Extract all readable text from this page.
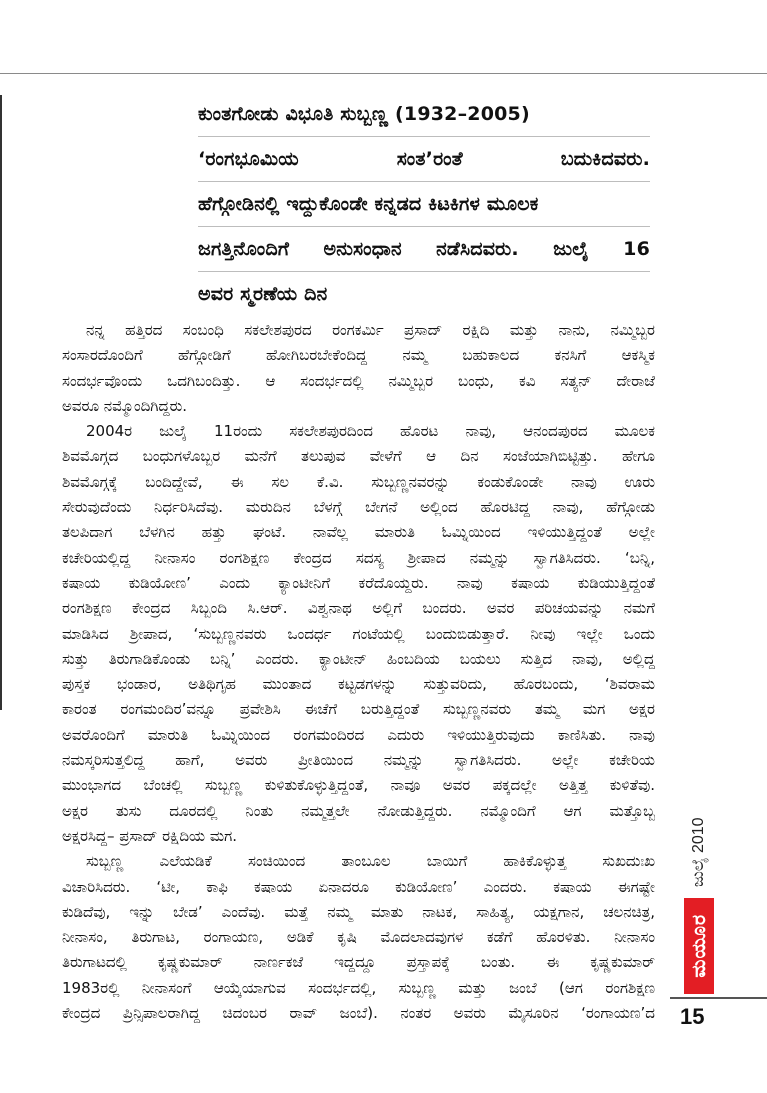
ಕುಂತಗೋಡು ವಿಭೂತಿ ಸುಬ್ಬಣ್ಣ (1932–2005)
‘ರಂಗಭೂಮಿಯ ಸಂತ’ರಂತೆ ಬದುಕಿದವರು.
ಹೆಗ್ಗೋಡಿನಲ್ಲಿ ಇದ್ದುಕೊಂಡೇ ಕನ್ನಡದ ಕಿಟಕಿಗಳ ಮೂಲಕ
ಜಗತ್ತಿನೊಂದಿಗೆ ಅನುಸಂಧಾನ ನಡೆಸಿದವರು. ಜುಲೈ 16
ಅವರ ಸ್ಮರಣೆಯ ದಿನ
ನನ್ನ ಹತ್ತಿರದ ಸಂಬಂಧಿ ಸಕಲೇಶಪುರದ ರಂಗಕರ್ಮಿ ಪ್ರಸಾದ್ ರಕ್ಷಿದಿ ಮತ್ತು ನಾನು, ನಮ್ಮಿಬ್ಬರ
ಸಂಸಾರದೊಂದಿಗೆ ಹೆಗ್ಗೋಡಿಗೆ ಹೋಗಿಬರಬೇಕೆಂದಿದ್ದ ನಮ್ಮ ಬಹುಕಾಲದ ಕನಸಿಗೆ ಆಕಸ್ಮಿಕ
ಸಂದರ್ಭವೊಂದು ಒದಗಿಬಂದಿತ್ತು. ಆ ಸಂದರ್ಭದಲ್ಲಿ ನಮ್ಮಿಬ್ಬರ ಬಂಧು, ಕವಿ ಸತ್ಯನ್ ದೇರಾಜೆ
ಅವರೂ ನಮ್ಮೊಂದಿಗಿದ್ದರು.
2004ರ ಜುಲೈ 11ರಂದು ಸಕಲೇಶಪುರದಿಂದ ಹೊರಟ ನಾವು, ಆನಂದಪುರದ ಮೂಲಕ
ಶಿವಮೊಗ್ಗದ ಬಂಧುಗಳೊಬ್ಬರ ಮನೆಗೆ ತಲುಪುವ ವೇಳೆಗೆ ಆ ದಿನ ಸಂಜೆಯಾಗಿಬಿಟ್ಟಿತ್ತು. ಹೇಗೂ
ಶಿವಮೊಗ್ಗಕ್ಕೆ ಬಂದಿದ್ದೇವೆ, ಈ ಸಲ ಕೆ.ವಿ. ಸುಬ್ಬಣ್ಣನವರನ್ನು ಕಂಡುಕೊಂಡೇ ನಾವು ಊರು
ಸೇರುವುದೆಂದು ನಿರ್ಧರಿಸಿದೆವು. ಮರುದಿನ ಬೆಳಗ್ಗೆ ಬೇಗನೆ ಅಲ್ಲಿಂದ ಹೊರಟಿದ್ದ ನಾವು, ಹೆಗ್ಗೋಡು
ತಲಪಿದಾಗ ಬೆಳಗಿನ ಹತ್ತು ಘಂಟೆ. ನಾವೆಲ್ಲ ಮಾರುತಿ ಓಮ್ನಿಯಿಂದ ಇಳಿಯುತ್ತಿದ್ದಂತೆ ಅಲ್ಲೇ
ಕಚೇರಿಯಲ್ಲಿದ್ದ ನೀನಾಸಂ ರಂಗಶಿಕ್ಷಣ ಕೇಂದ್ರದ ಸದಸ್ಯ ಶ್ರೀಪಾದ ನಮ್ಮನ್ನು ಸ್ವಾಗತಿಸಿದರು. ‘ಬನ್ನಿ,
ಕಷಾಯ ಕುಡಿಯೋಣ’ ಎಂದು ಕ್ಯಾಂಟೀನಿಗೆ ಕರೆದೊಯ್ದರು. ನಾವು ಕಷಾಯ ಕುಡಿಯುತ್ತಿದ್ದಂತೆ
ರಂಗಶಿಕ್ಷಣ ಕೇಂದ್ರದ ಸಿಬ್ಬಂದಿ ಸಿ.ಆರ್. ವಿಶ್ವನಾಥ ಅಲ್ಲಿಗೆ ಬಂದರು. ಅವರ ಪರಿಚಯವನ್ನು ನಮಗೆ
ಮಾಡಿಸಿದ ಶ್ರೀಪಾದ, ‘ಸುಬ್ಬಣ್ಣನವರು ಒಂದರ್ಧ ಗಂಟೆಯಲ್ಲಿ ಬಂದುಬಿಡುತ್ತಾರೆ. ನೀವು ಇಲ್ಲೇ ಒಂದು
ಸುತ್ತು ತಿರುಗಾಡಿಕೊಂಡು ಬನ್ನಿ’ ಎಂದರು. ಕ್ಯಾಂಟೀನ್ ಹಿಂಬದಿಯ ಬಯಲು ಸುತ್ತಿದ ನಾವು, ಅಲ್ಲಿದ್ದ
ಪುಸ್ತಕ ಭಂಡಾರ, ಅತಿಥಿಗೃಹ ಮುಂತಾದ ಕಟ್ಟಡಗಳನ್ನು ಸುತ್ತುವರಿದು, ಹೊರಬಂದು, ‘ಶಿವರಾಮ
ಕಾರಂತ ರಂಗಮಂದಿರ’ವನ್ನೂ ಪ್ರವೇಶಿಸಿ ಈಚೆಗೆ ಬರುತ್ತಿದ್ದಂತೆ ಸುಬ್ಬಣ್ಣನವರು ತಮ್ಮ ಮಗ ಅಕ್ಷರ
ಅವರೊಂದಿಗೆ ಮಾರುತಿ ಓಮ್ನಿಯಿಂದ ರಂಗಮಂದಿರದ ಎದುರು ಇಳಿಯುತ್ತಿರುವುದು ಕಾಣಿಸಿತು. ನಾವು
ನಮಸ್ಕರಿಸುತ್ತಲಿದ್ದ ಹಾಗೆ, ಅವರು ಪ್ರೀತಿಯಿಂದ ನಮ್ಮನ್ನು ಸ್ವಾಗತಿಸಿದರು. ಅಲ್ಲೇ ಕಚೇರಿಯ
ಮುಂಭಾಗದ ಬೆಂಚಲ್ಲಿ ಸುಬ್ಬಣ್ಣ ಕುಳಿತುಕೊಳ್ಳುತ್ತಿದ್ದಂತೆ, ನಾವೂ ಅವರ ಪಕ್ಕದಲ್ಲೇ ಅತ್ತಿತ್ತ ಕುಳಿತೆವು.
ಅಕ್ಷರ ತುಸು ದೂರದಲ್ಲಿ ನಿಂತು ನಮ್ಮತ್ತಲೇ ನೋಡುತ್ತಿದ್ದರು. ನಮ್ಮೊಂದಿಗೆ ಆಗ ಮತ್ತೊಬ್ಬ
ಅಕ್ಷರಸಿದ್ದ– ಪ್ರಸಾದ್ ರಕ್ಷಿದಿಯ ಮಗ.
ಸುಬ್ಬಣ್ಣ ಎಲೆಯಡಿಕೆ ಸಂಚಿಯಿಂದ ತಾಂಬೂಲ ಬಾಯಿಗೆ ಹಾಕಿಕೊಳ್ಳುತ್ತ ಸುಖದುಃಖ
ವಿಚಾರಿಸಿದರು. ‘ಟೀ, ಕಾಫಿ ಕಷಾಯ ಏನಾದರೂ ಕುಡಿಯೋಣ’ ಎಂದರು. ಕಷಾಯ ಈಗಷ್ಟೇ
ಕುಡಿದೆವು, ಇನ್ನು ಬೇಡ’ ಎಂದೆವು. ಮತ್ತೆ ನಮ್ಮ ಮಾತು ನಾಟಕ, ಸಾಹಿತ್ಯ, ಯಕ್ಷಗಾನ, ಚಲನಚಿತ್ರ,
ನೀನಾಸಂ, ತಿರುಗಾಟ, ರಂಗಾಯಣ, ಅಡಿಕೆ ಕೃಷಿ ಮೊದಲಾದವುಗಳ ಕಡೆಗೆ ಹೊರಳಿತು. ನೀನಾಸಂ
ತಿರುಗಾಟದಲ್ಲಿ ಕೃಷ್ಣಕುಮಾರ್ ನಾರ್ಣಕಜೆ ಇದ್ದದ್ದೂ ಪ್ರಸ್ತಾಪಕ್ಕೆ ಬಂತು. ಈ ಕೃಷ್ಣಕುಮಾರ್
1983ರಲ್ಲಿ ನೀನಾಸಂಗೆ ಆಯ್ಕೆಯಾಗುವ ಸಂದರ್ಭದಲ್ಲಿ, ಸುಬ್ಬಣ್ಣ ಮತ್ತು ಜಂಬೆ (ಆಗ ರಂಗಶಿಕ್ಷಣ
ಕೇಂದ್ರದ ಪ್ರಿನ್ಸಿಪಾಲರಾಗಿದ್ದ ಚಿದಂಬರ ರಾವ್ ಜಂಬೆ). ನಂತರ ಅವರು ಮೈಸೂರಿನ ‘ರಂಗಾಯಣ’ದ
ಜುಲೈ 2010
ಮಯೂರ
15
